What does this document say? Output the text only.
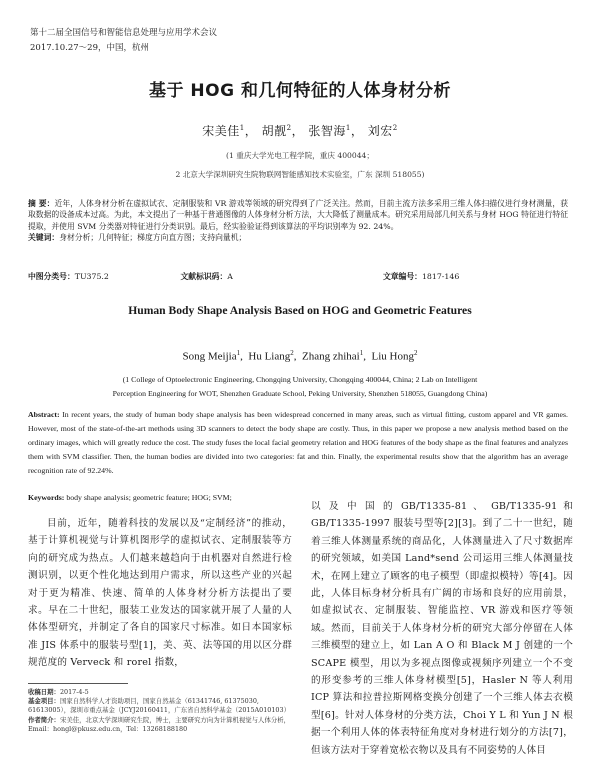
第十二届全国信号和智能信息处理与应用学术会议
2017.10.27～29，中国，杭州
基于 HOG 和几何特征的人体身材分析
宋美佳$^1$， 胡靓$^2$， 张智海$^1$， 刘宏$^2$
(1 重庆大学光电工程学院，重庆 400044；
2 北京大学深圳研究生院物联网智能感知技术实验室，广东 深圳 518055)
摘 要：近年，人体身材分析在虚拟试衣、定制服装和 VR 游戏等领域的研究得到了广泛关注。然而，目前主流方法多采用三维人体扫描仪进行身材测量，获取数据的设备成本过高。为此，本文提出了一种基于普通图像的人体身材分析方法，大大降低了测量成本。研究采用局部几何关系与身材 HOG 特征进行特征提取，并使用 SVM 分类器对特征进行分类识别。最后，经实验验证得到该算法的平均识别率为 92. 24%。
关键词：身材分析；几何特征；梯度方向直方图；支持向量机；
中图分类号：TU375.2	文献标识码：A	文章编号：1817-146
Human Body Shape Analysis Based on HOG and Geometric Features
Song Meijia$^1$,  Hu Liang$^2$,  Zhang zhihai$^1$,  Liu Hong$^2$
(1 College of Optoelectronic Engineering, Chongqing University, Chongqing 400044, China; 2 Lab on Intelligent
Perception Engineering for WOT, Shenzhen Graduate School, Peking University, Shenzhen 518055, Guangdong China)
Abstract: In recent years, the study of human body shape analysis has been widespread concerned in many areas, such as virtual fitting, custom apparel and VR games. However, most of the state-of-the-art methods using 3D scanners to detect the body shape are costly. Thus, in this paper we propose a new analysis method based on the ordinary images, which will greatly reduce the cost. The study fuses the local facial geometry relation and HOG features of the body shape as the final features and analyzes them with SVM classifier. Then, the human bodies are divided into two categories: fat and thin. Finally, the experimental results show that the algorithm has an average recognition rate of 92.24%.
Keywords: body shape analysis; geometric feature; HOG; SVM;
目前，近年，随着科技的发展以及“定制经济”的推动，基于计算机视觉与计算机图形学的虚拟试衣、定制服装等方向的研究成为热点。人们越来越趋向于由机器对自然进行检测识别，以更个性化地达到用户需求，所以这些产业的兴起对于更为精准、快速、简单的人体身材分析方法提出了要求。早在二十世纪，服装工业发达的国家就开展了人量的人体体型研究，并制定了各自的国家尺寸标准。如日本国家标准 JIS 体系中的服装号型[1]，美、英、法等国的用以区分群规范度的 Verveck 和 rorel 指数，
以 及 中 国 的 GB/T1335-81 、 GB/T1335-91 和 GB/T1335-1997 服装号型等[2][3]。到了二十一世纪，随着三维人体测量系统的商品化，人体测量进入了尺寸数据库的研究领域，如美国 Land*send 公司运用三维人体测量技术，在网上建立了顾客的电子模型（即虚拟模特）等[4]。因此，人体目标身材分析具有广阔的市场和良好的应用前景，如虚拟试衣、定制服装、智能监控、VR 游戏和医疗等领域。然而，目前关于人体身材分析的研究大部分停留在人体三维模型的建立上，如 Lan A O 和 Black M J 创建的一个 SCAPE 模型，用以为多视点图像或视频序列建立一个不变的形变参考的三维人体身材模型[5]，Hasler N 等人利用 ICP 算法和拉普拉斯网格变换分创建了一个三维人体去衣模型[6]。针对人体身材的分类方法，Choi Y L 和 Yun J N 根据一个利用人体的体表特征角度对身材进行划分的方法[7]，但该方法对于穿着宽松衣物以及具有不同姿势的人体目
收稿日期：2017-4-5
基金项目：国家自然科学人才资助项目，国家自然基金（61341746, 61375030, 61613005），深圳市重点基金（JCYJ20160411，广东省自然科学基金（2015A010103）
作者简介：宋美佳，北京大学深圳研究生院，博士，主要研究方向为计算机视觉与人体分析，Email：hongl@pkusz.edu.cn，Tel：13268188180
